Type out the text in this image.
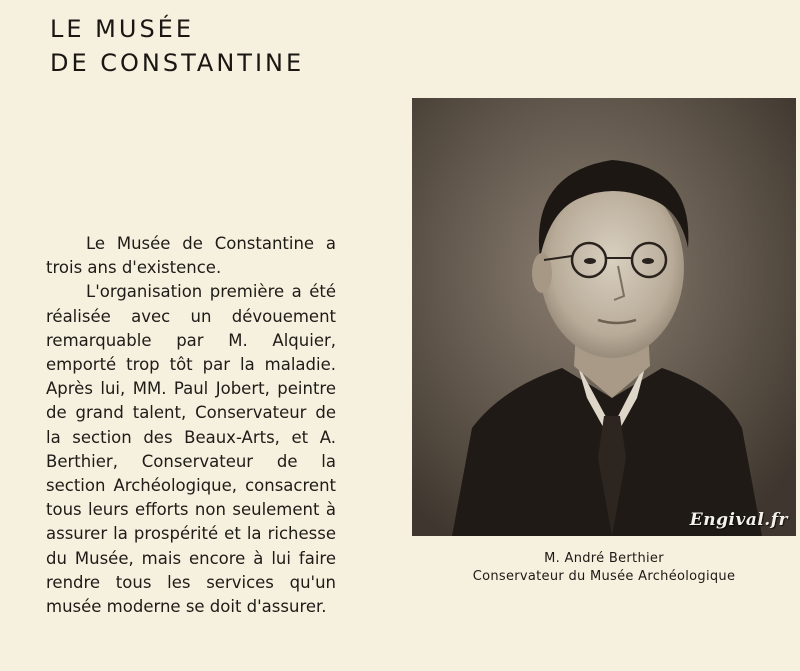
LE MUSÉE
DE CONSTANTINE

Le Musée de Constantine a trois ans d'existence.

L'organisation première a été réalisée avec un dévouement remarquable par M. Alquier, emporté trop tôt par la maladie. Après lui, MM. Paul Jobert, peintre de grand talent, Conservateur de la section des Beaux-Arts, et A. Berthier, Conservateur de la section Archéologique, consacrent tous leurs efforts non seulement à assurer la prospérité et la richesse du Musée, mais encore à lui faire rendre tous les services qu'un musée moderne se doit d'assurer.

Engival.fr
M. André Berthier
Conservateur du Musée Archéologique
